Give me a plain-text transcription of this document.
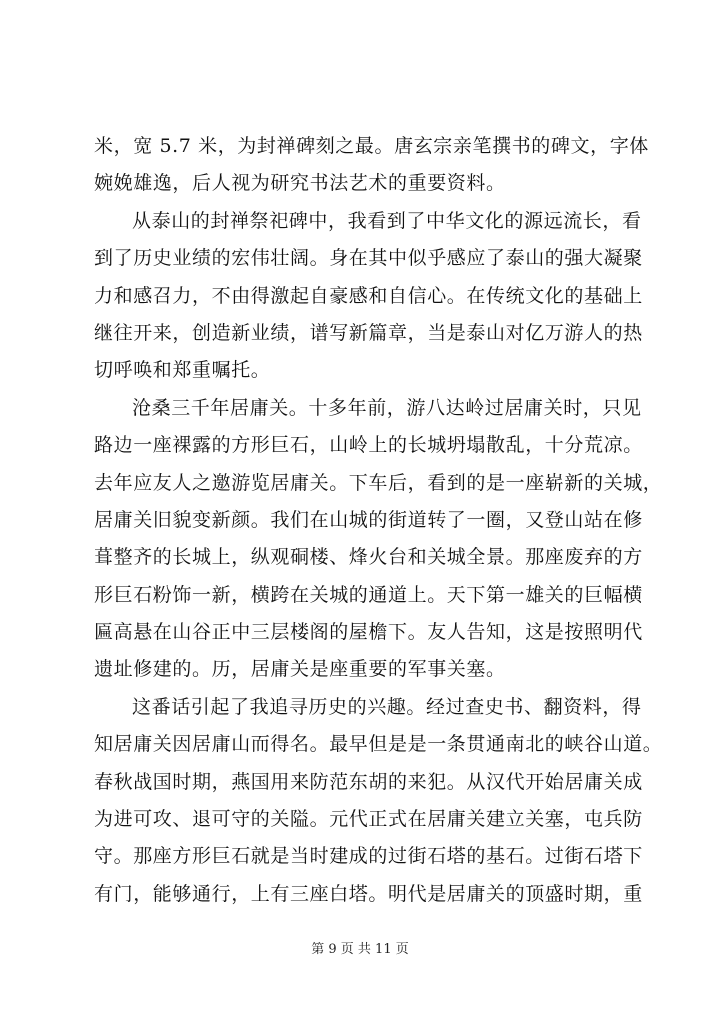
米，宽 5.7 米，为封禅碑刻之最。唐玄宗亲笔撰书的碑文，字体
婉娩雄逸，后人视为研究书法艺术的重要资料。
从泰山的封禅祭祀碑中，我看到了中华文化的源远流长，看
到了历史业绩的宏伟壮阔。身在其中似乎感应了泰山的强大凝聚
力和感召力，不由得激起自豪感和自信心。在传统文化的基础上
继往开来，创造新业绩，谱写新篇章，当是泰山对亿万游人的热
切呼唤和郑重嘱托。
沧桑三千年居庸关。十多年前，游八达岭过居庸关时，只见
路边一座裸露的方形巨石，山岭上的长城坍塌散乱，十分荒凉。
去年应友人之邀游览居庸关。下车后，看到的是一座崭新的关城，
居庸关旧貌变新颜。我们在山城的街道转了一圈，又登山站在修
葺整齐的长城上，纵观硐楼、烽火台和关城全景。那座废弃的方
形巨石粉饰一新，横跨在关城的通道上。天下第一雄关的巨幅横
匾高悬在山谷正中三层楼阁的屋檐下。友人告知，这是按照明代
遗址修建的。历，居庸关是座重要的军事关塞。
这番话引起了我追寻历史的兴趣。经过查史书、翻资料，得
知居庸关因居庸山而得名。最早但是是一条贯通南北的峡谷山道。
春秋战国时期，燕国用来防范东胡的来犯。从汉代开始居庸关成
为进可攻、退可守的关隘。元代正式在居庸关建立关塞，屯兵防
守。那座方形巨石就是当时建成的过街石塔的基石。过街石塔下
有门，能够通行，上有三座白塔。明代是居庸关的顶盛时期，重
第 9 页 共 11 页
